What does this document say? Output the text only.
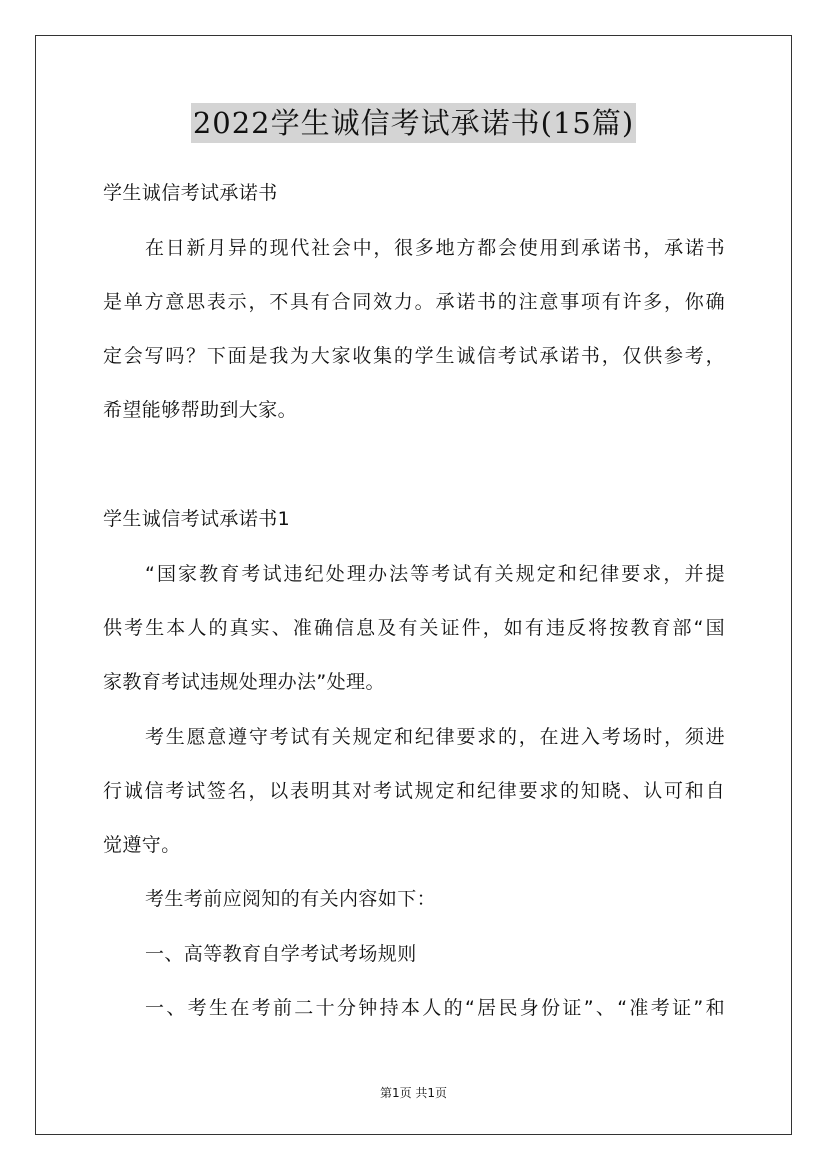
2022学生诚信考试承诺书(15篇)
学生诚信考试承诺书
在日新月异的现代社会中，很多地方都会使用到承诺书，承诺书
是单方意思表示，不具有合同效力。承诺书的注意事项有许多，你确
定会写吗？下面是我为大家收集的学生诚信考试承诺书，仅供参考，
希望能够帮助到大家。
学生诚信考试承诺书1
“国家教育考试违纪处理办法等考试有关规定和纪律要求，并提
供考生本人的真实、准确信息及有关证件，如有违反将按教育部“国
家教育考试违规处理办法”处理。
考生愿意遵守考试有关规定和纪律要求的，在进入考场时，须进
行诚信考试签名，以表明其对考试规定和纪律要求的知晓、认可和自
觉遵守。
考生考前应阅知的有关内容如下：
一、高等教育自学考试考场规则
一、考生在考前二十分钟持本人的“居民身份证”、“准考证”和
第1页 共1页
